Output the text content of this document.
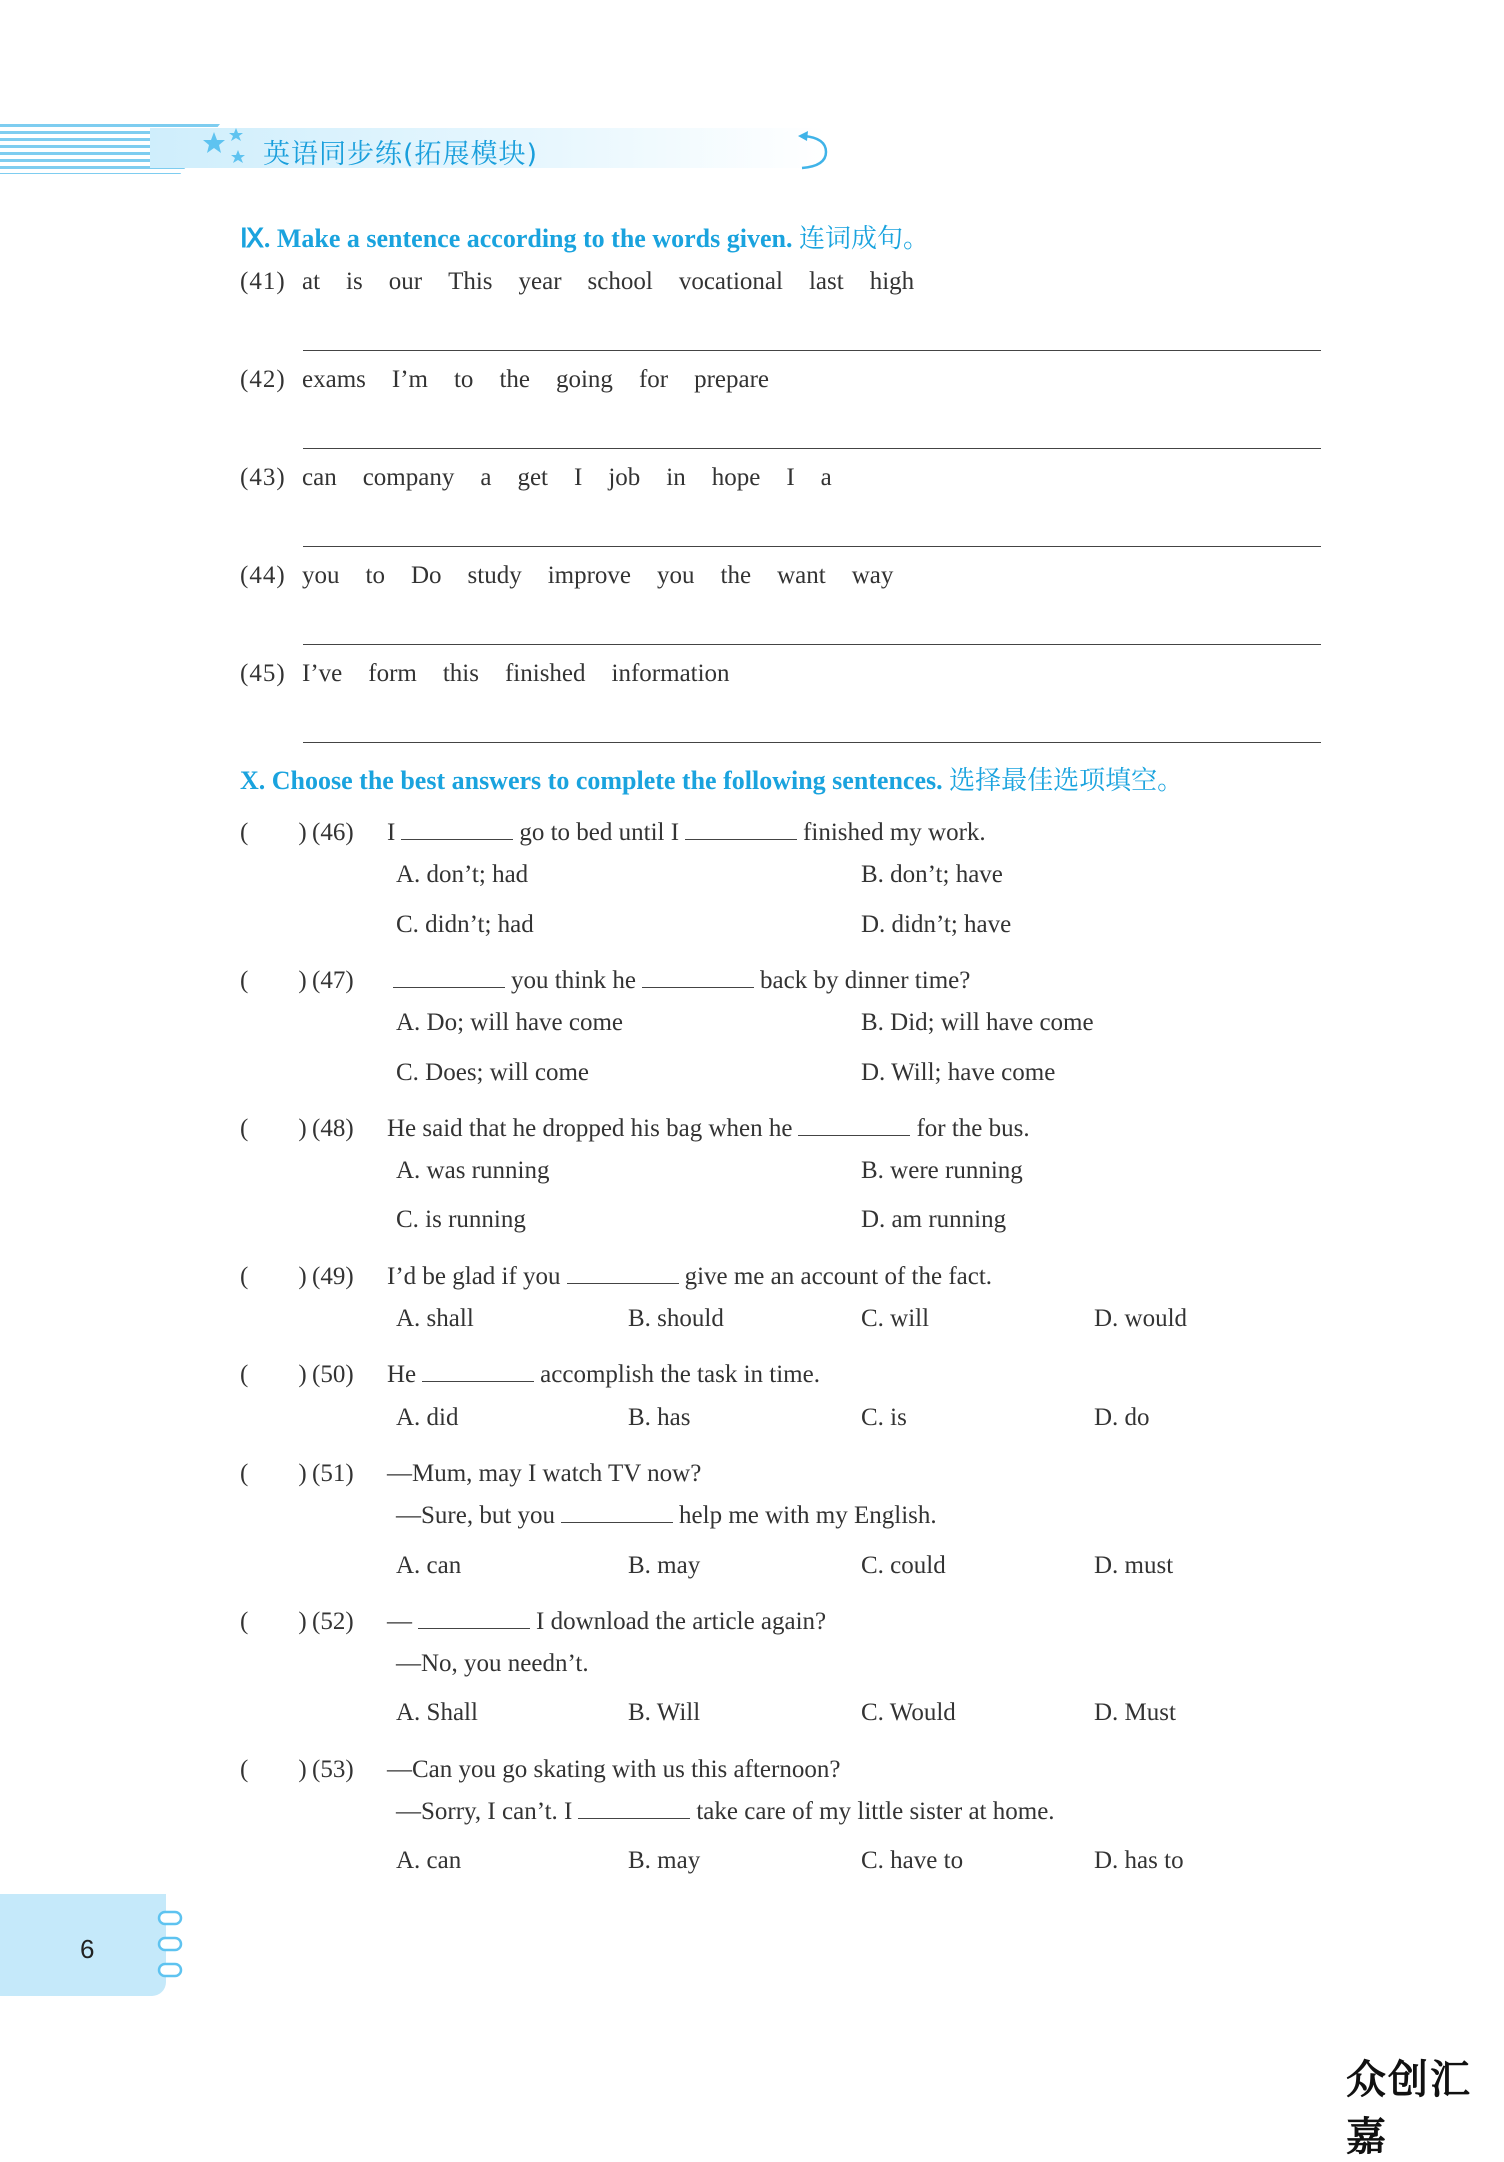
英语同步练(拓展模块)
Ⅸ. Make a sentence according to the words given. 连词成句。
(41) at is our This year school vocational last high
(42) exams I’m to the going for prepare
(43) can company a get I job in hope I a
(44) you to Do study improve you the want way
(45) I’ve form this finished information
X. Choose the best answers to complete the following sentences. 选择最佳选项填空。
(　　) (46) I	go to bed until I	finished my work.
A. don’t; had	B. don’t; have
C. didn’t; had	D. didn’t; have
(　　) (47)	you think he	back by dinner time?
A. Do; will have come	B. Did; will have come
C. Does; will come	D. Will; have come
(　　) (48) He said that he dropped his bag when he	for the bus.
A. was running	B. were running
C. is running	D. am running
(　　) (49) I’d be glad if you	give me an account of the fact.
A. shall	B. should	C. will	D. would
(　　) (50) He	accomplish the task in time.
A. did	B. has	C. is	D. do
(　　) (51) —Mum, may I watch TV now?
—Sure, but you	help me with my English.
A. can	B. may	C. could	D. must
(　　) (52) —	I download the article again?
—No, you needn’t.
A. Shall	B. Will	C. Would	D. Must
(　　) (53) —Can you go skating with us this afternoon?
—Sorry, I can’t. I	take care of my little sister at home.
A. can	B. may	C. have to	D. has to
6
众创汇嘉
